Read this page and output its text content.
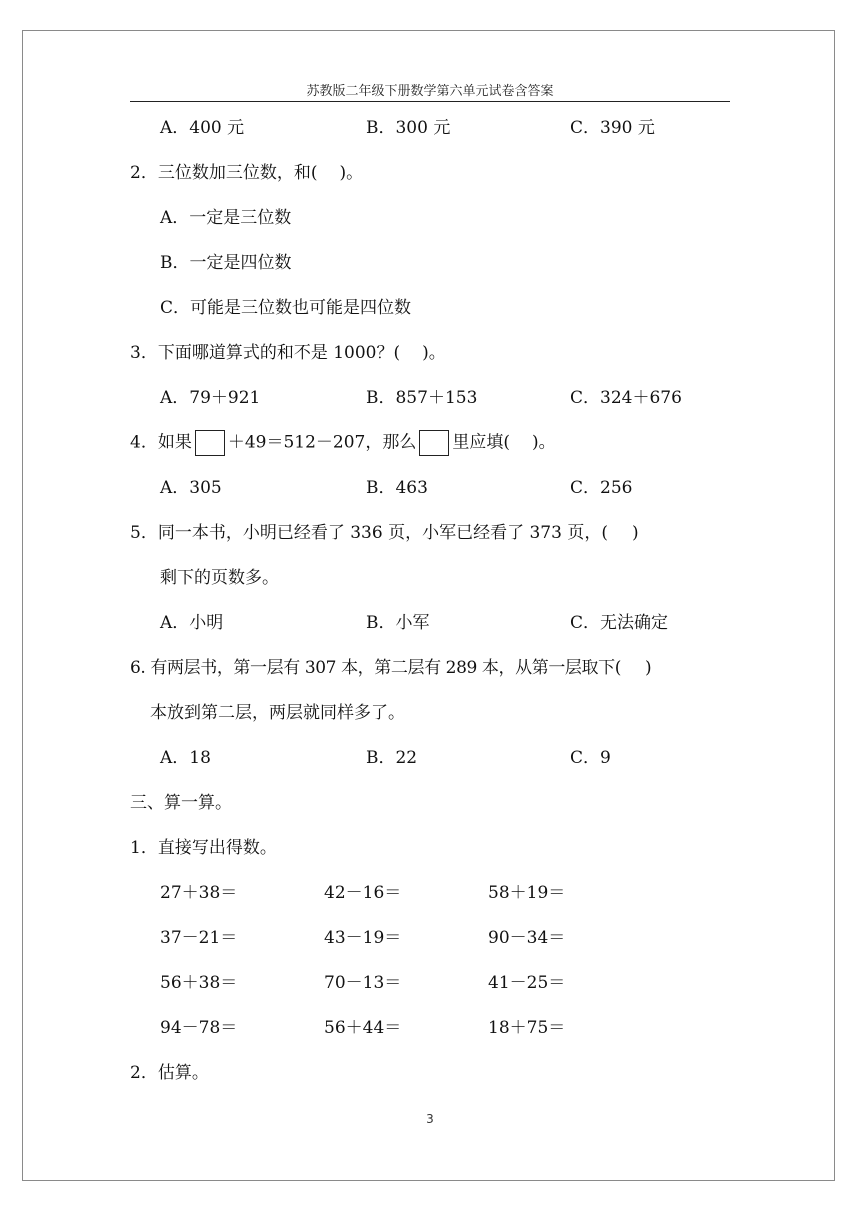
苏教版二年级下册数学第六单元试卷含答案
A．400 元	B．300 元	C．390 元
2．三位数加三位数，和( )。
A．一定是三位数
B．一定是四位数
C．可能是三位数也可能是四位数
3．下面哪道算式的和不是 1000？( )。
A．79＋921	B．857＋153	C．324＋676
4．如果 ＋49＝512－207，那么 里应填( )。
A．305	B．463	C．256
5．同一本书，小明已经看了 336 页，小军已经看了 373 页，( )
剩下的页数多。
A．小明	B．小军	C．无法确定
6. 有两层书，第一层有 307 本，第二层有 289 本，从第一层取下( )
本放到第二层，两层就同样多了。
A．18	B．22	C．9
三、算一算。
1．直接写出得数。
27＋38＝	42－16＝	58＋19＝
37－21＝	43－19＝	90－34＝
56＋38＝	70－13＝	41－25＝
94－78＝	56＋44＝	18＋75＝
2．估算。
3
